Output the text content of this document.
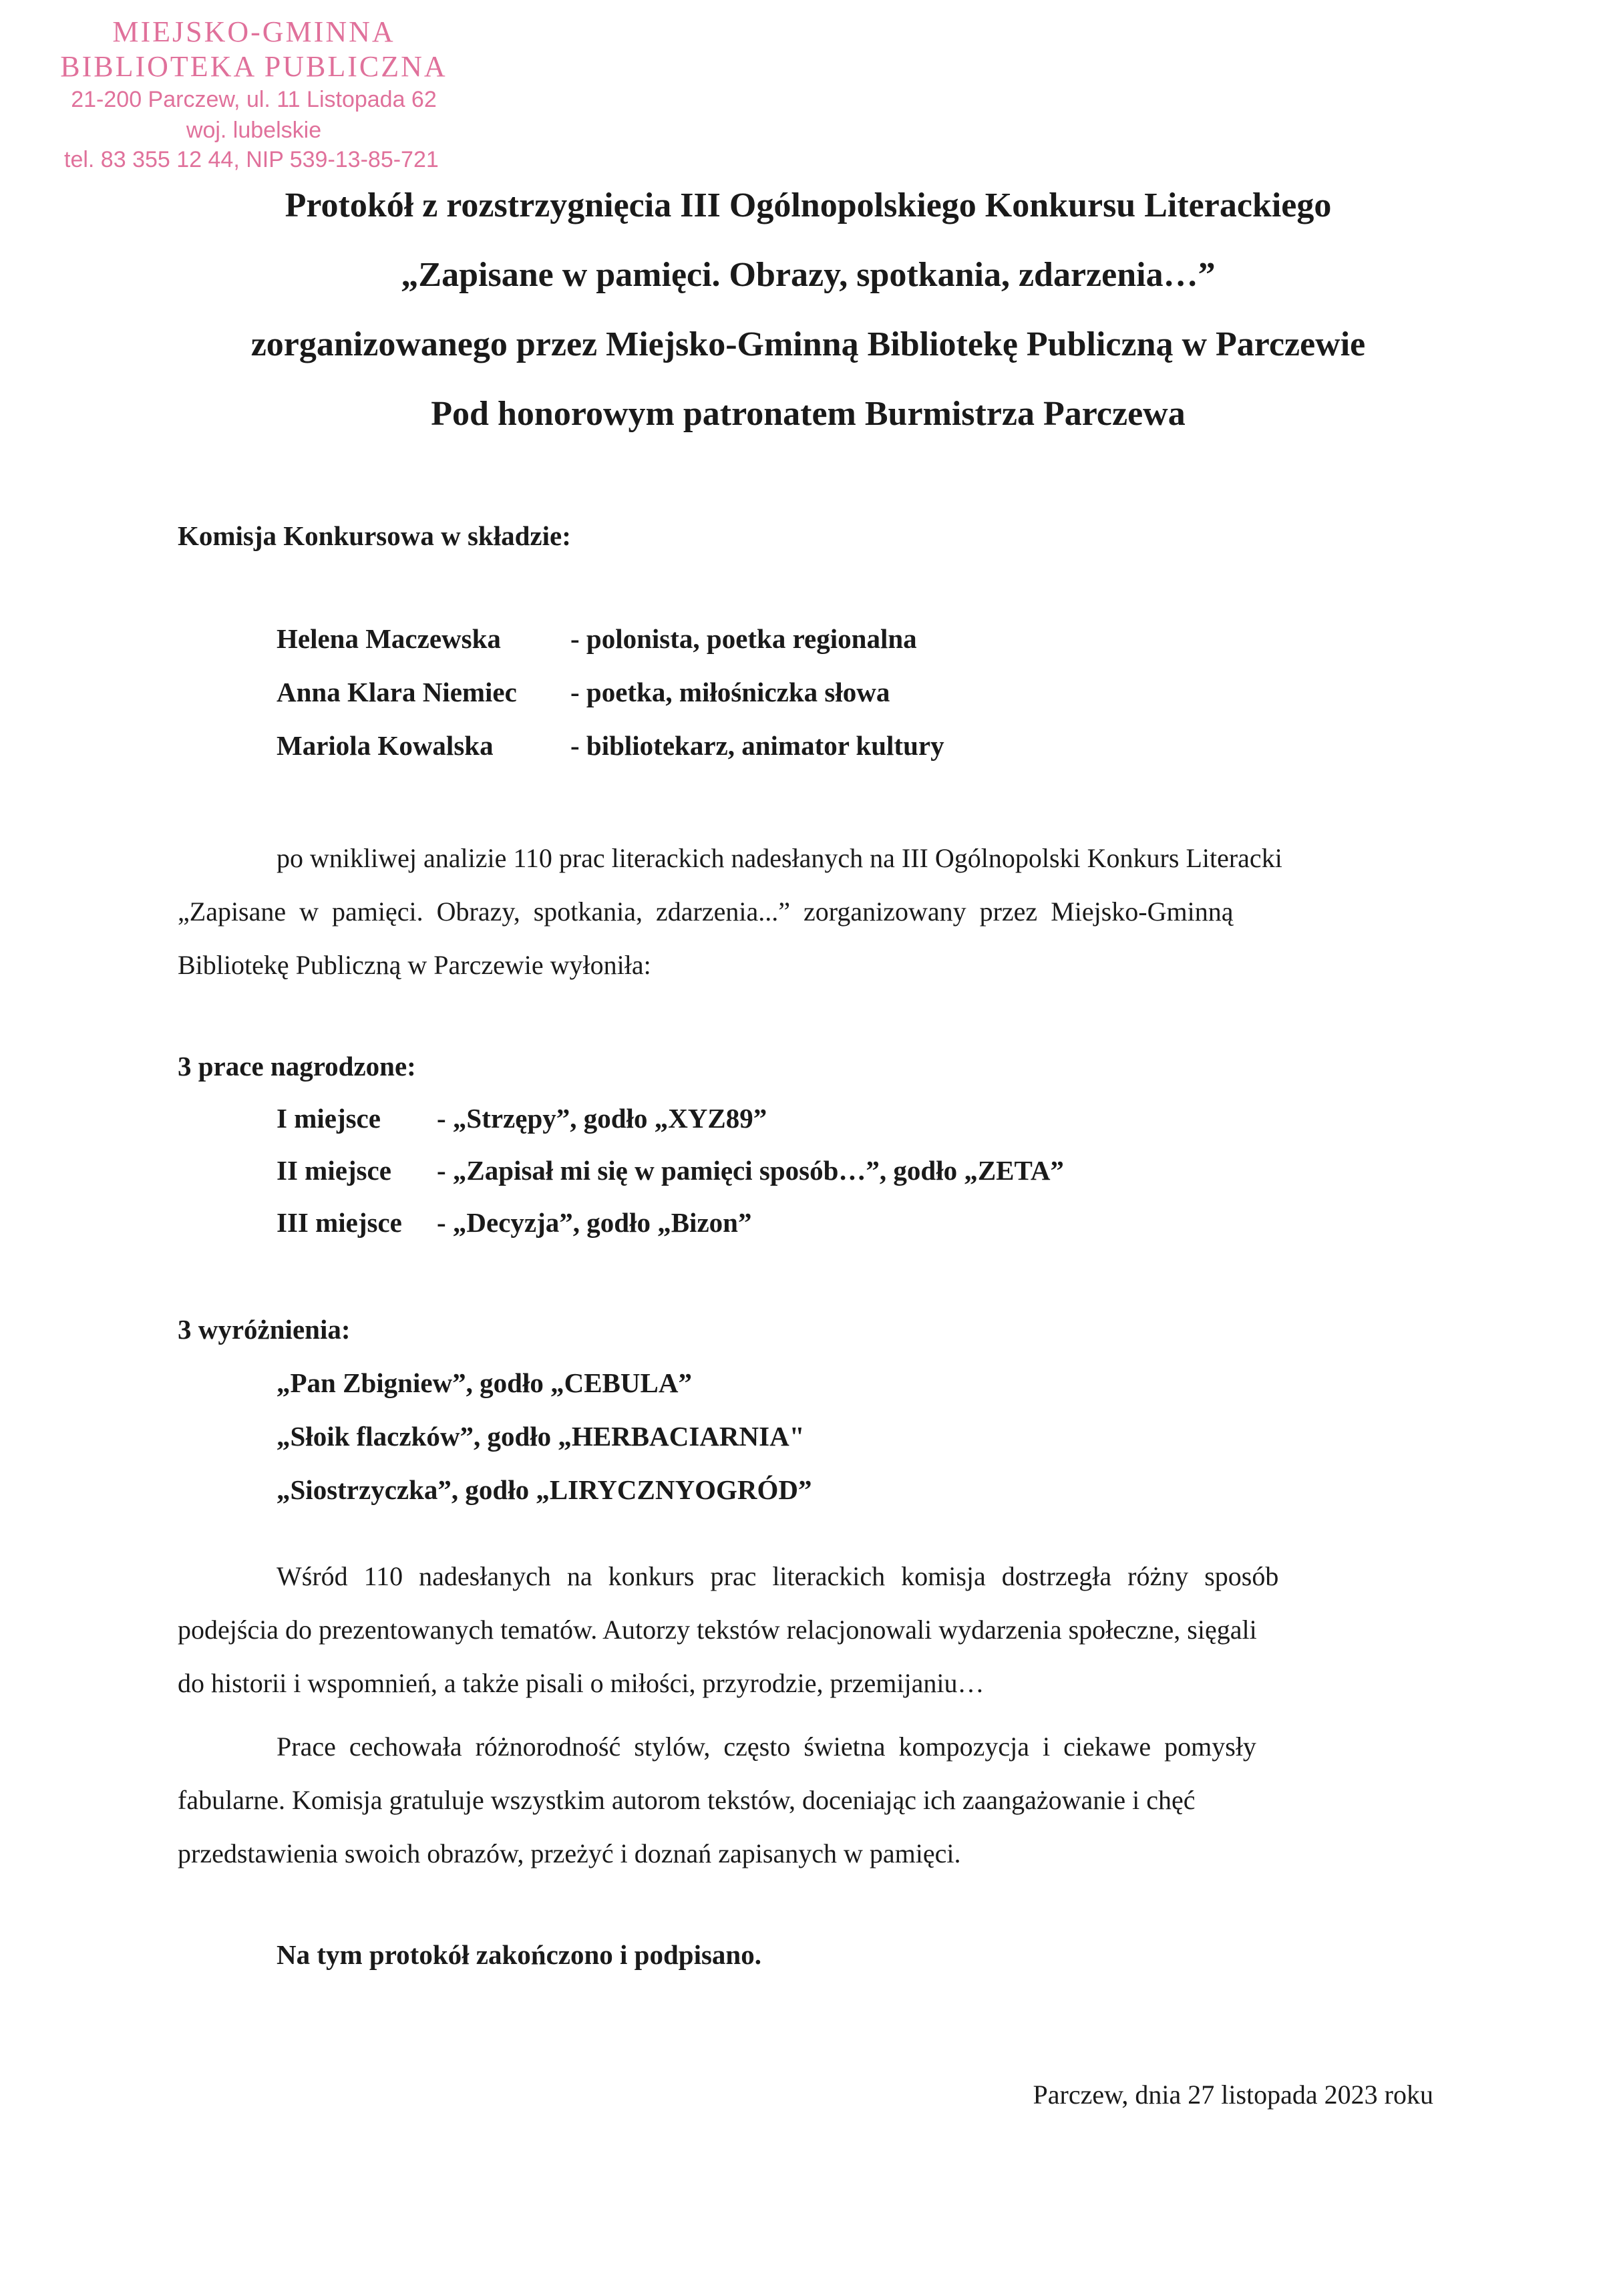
MIEJSKO-GMINNA
BIBLIOTEKA PUBLICZNA
21-200 Parczew, ul. 11 Listopada 62
woj. lubelskie
tel. 83 355 12 44, NIP 539-13-85-721
Protokół z rozstrzygnięcia III Ogólnopolskiego Konkursu Literackiego
„Zapisane w pamięci. Obrazy, spotkania, zdarzenia…”
zorganizowanego przez Miejsko-Gminną Bibliotekę Publiczną w Parczewie
Pod honorowym patronatem Burmistrza Parczewa
Komisja Konkursowa w składzie:
Helena Maczewska	- polonista, poetka regionalna
Anna Klara Niemiec - poetka, miłośniczka słowa
Mariola Kowalska	- bibliotekarz, animator kultury
po wnikliwej analizie 110 prac literackich nadesłanych na III Ogólnopolski Konkurs Literacki
„Zapisane w pamięci. Obrazy, spotkania, zdarzenia...” zorganizowany przez Miejsko-Gminną
Bibliotekę Publiczną w Parczewie wyłoniła:
3 prace nagrodzone:
I miejsce - „Strzępy”, godło „XYZ89”
II miejsce - „Zapisał mi się w pamięci sposób…”, godło „ZETA”
III miejsce - „Decyzja”, godło „Bizon”
3 wyróżnienia:
„Pan Zbigniew”, godło „CEBULA”
„Słoik flaczków”, godło „HERBACIARNIA"
„Siostrzyczka”, godło „LIRYCZNYOGRÓD”
Wśród 110 nadesłanych na konkurs prac literackich komisja dostrzegła różny sposób
podejścia do prezentowanych tematów. Autorzy tekstów relacjonowali wydarzenia społeczne, sięgali
do historii i wspomnień, a także pisali o miłości, przyrodzie, przemijaniu…
Prace cechowała różnorodność stylów, często świetna kompozycja i ciekawe pomysły
fabularne. Komisja gratuluje wszystkim autorom tekstów, doceniając ich zaangażowanie i chęć
przedstawienia swoich obrazów, przeżyć i doznań zapisanych w pamięci.
Na tym protokół zakończono i podpisano.
Parczew, dnia 27 listopada 2023 roku
